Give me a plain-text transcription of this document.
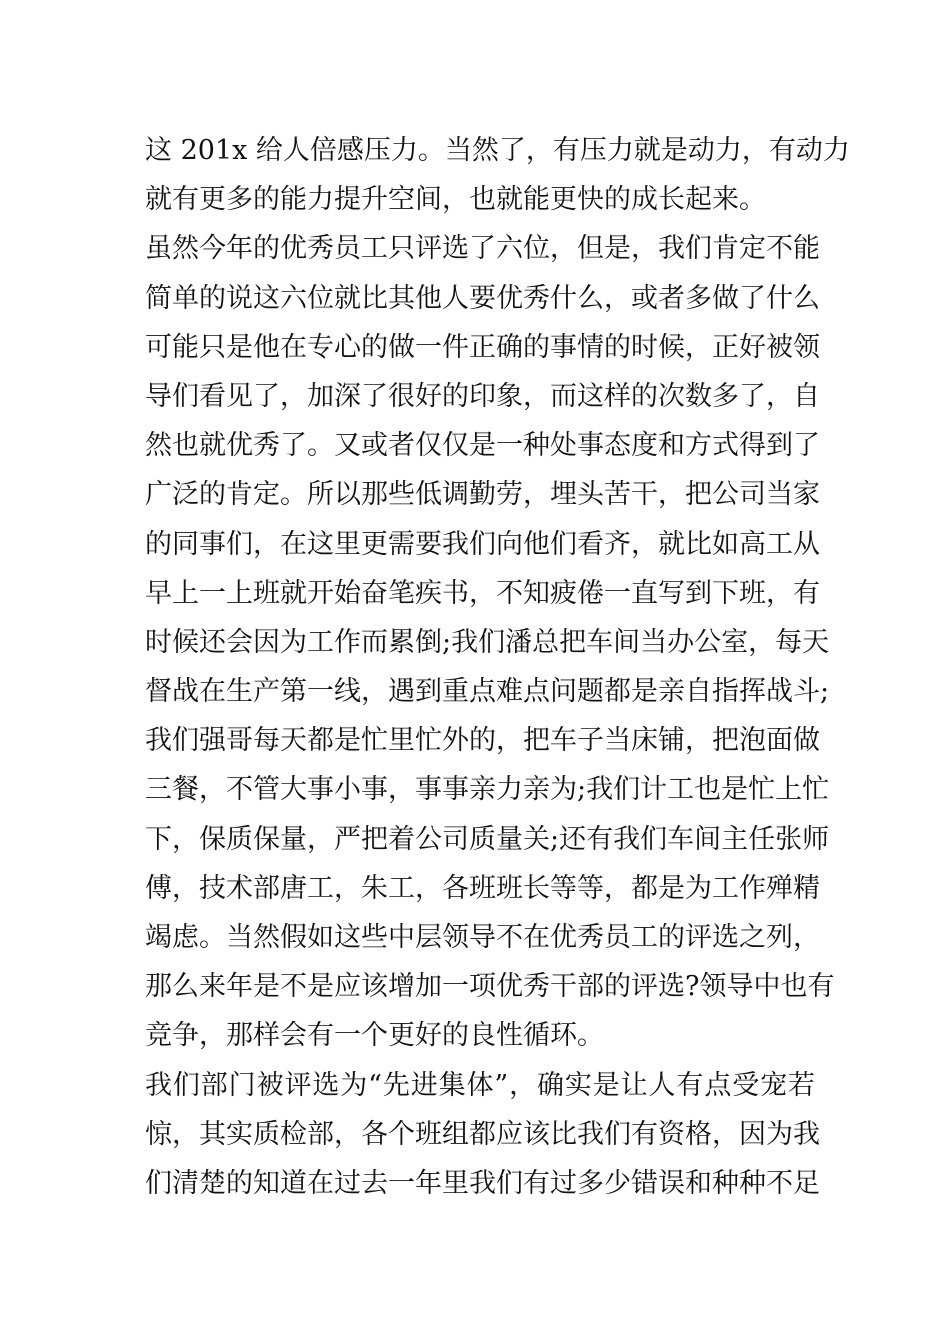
这 201x 给人倍感压力。当然了，有压力就是动力，有动力

就有更多的能力提升空间，也就能更快的成长起来。

虽然今年的优秀员工只评选了六位，但是，我们肯定不能

简单的说这六位就比其他人要优秀什么，或者多做了什么

可能只是他在专心的做一件正确的事情的时候，正好被领

导们看见了，加深了很好的印象，而这样的次数多了，自

然也就优秀了。又或者仅仅是一种处事态度和方式得到了

广泛的肯定。所以那些低调勤劳，埋头苦干，把公司当家

的同事们，在这里更需要我们向他们看齐，就比如高工从

早上一上班就开始奋笔疾书，不知疲倦一直写到下班，有

时候还会因为工作而累倒;我们潘总把车间当办公室，每天

督战在生产第一线，遇到重点难点问题都是亲自指挥战斗;

我们强哥每天都是忙里忙外的，把车子当床铺，把泡面做

三餐，不管大事小事，事事亲力亲为;我们计工也是忙上忙

下，保质保量，严把着公司质量关;还有我们车间主任张师

傅，技术部唐工，朱工，各班班长等等，都是为工作殚精

竭虑。当然假如这些中层领导不在优秀员工的评选之列，

那么来年是不是应该增加一项优秀干部的评选?领导中也有

竞争，那样会有一个更好的良性循环。

我们部门被评选为“先进集体”，确实是让人有点受宠若

惊，其实质检部，各个班组都应该比我们有资格，因为我

们清楚的知道在过去一年里我们有过多少错误和种种不足
